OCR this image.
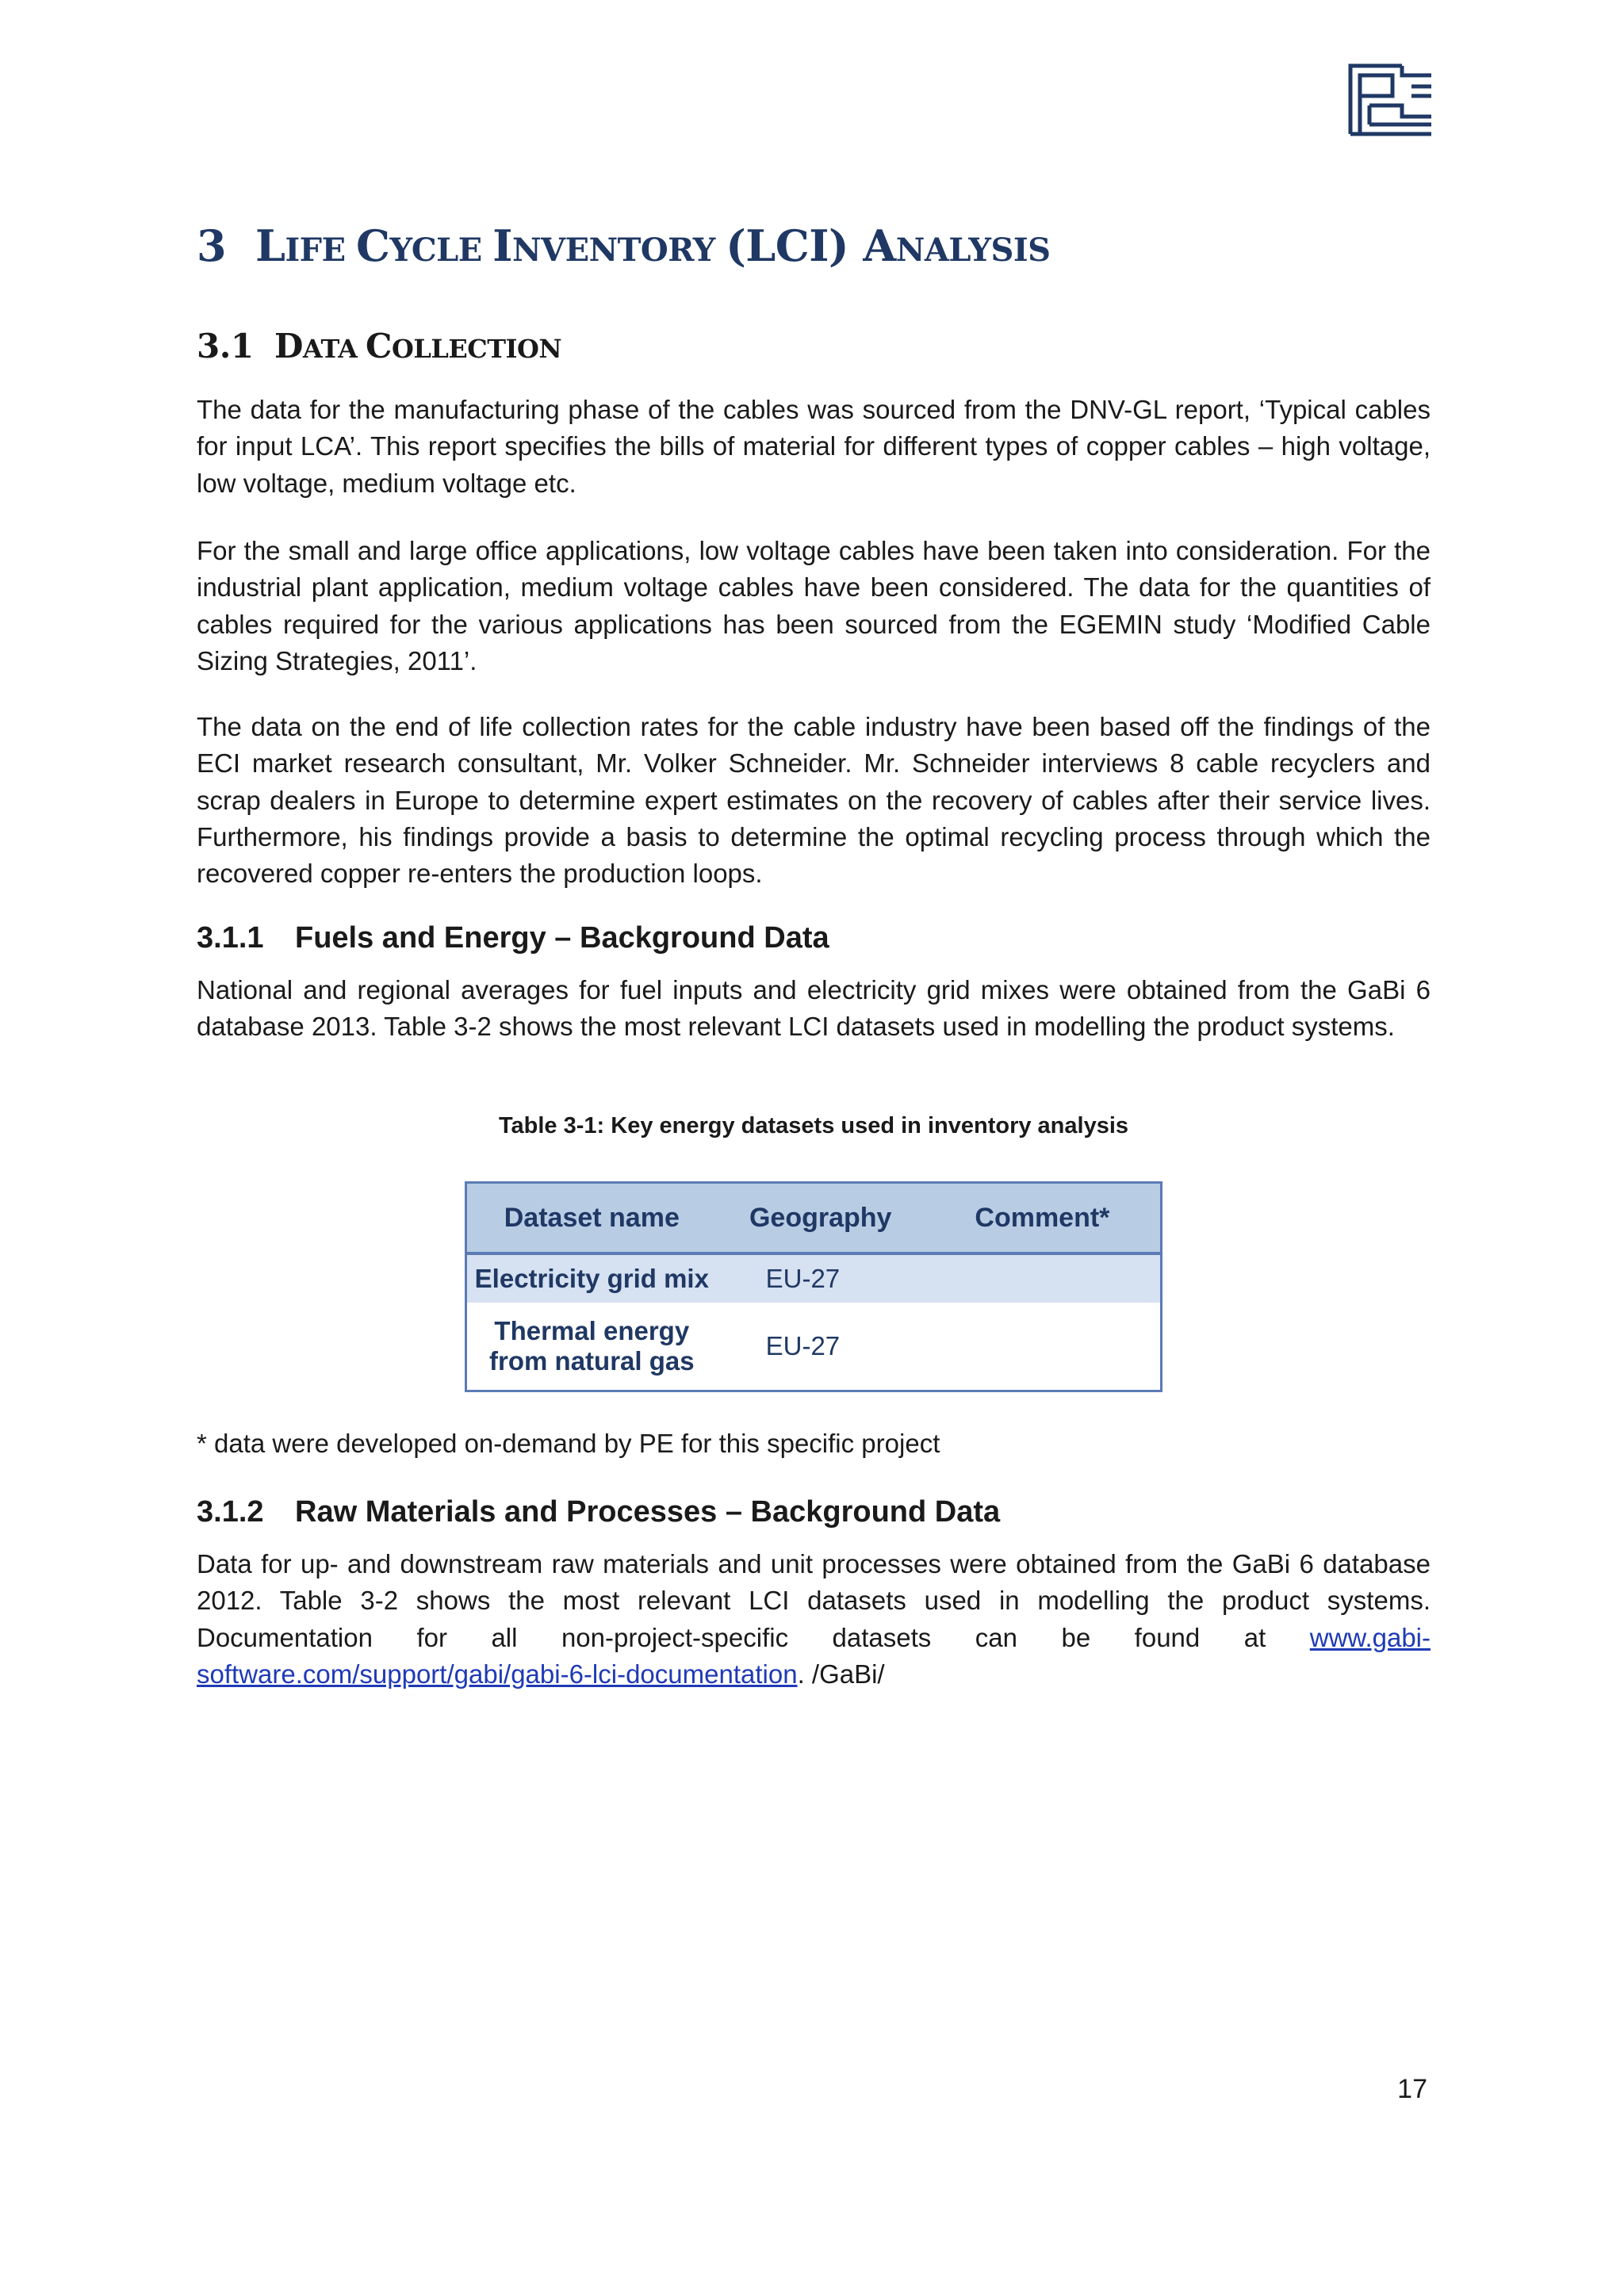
3 LIFE CYCLE INVENTORY (LCI) ANALYSIS
3.1 DATA COLLECTION

The data for the manufacturing phase of the cables was sourced from the DNV-GL report, ‘Typical cables for input LCA’. This report specifies the bills of material for different types of copper cables – high voltage, low voltage, medium voltage etc.

For the small and large office applications, low voltage cables have been taken into consideration. For the industrial plant application, medium voltage cables have been considered. The data for the quantities of cables required for the various applications has been sourced from the EGEMIN study ‘Modified Cable Sizing Strategies, 2011’.

The data on the end of life collection rates for the cable industry have been based off the findings of the ECI market research consultant, Mr. Volker Schneider. Mr. Schneider interviews 8 cable recyclers and scrap dealers in Europe to determine expert estimates on the recovery of cables after their service lives. Furthermore, his findings provide a basis to determine the optimal recycling process through which the recovered copper re-enters the production loops.

3.1.1 Fuels and Energy – Background Data

National and regional averages for fuel inputs and electricity grid mixes were obtained from the GaBi 6 database 2013. Table 3-2 shows the most relevant LCI datasets used in modelling the product systems.

Table 3-1: Key energy datasets used in inventory analysis

Dataset name	Geography	Comment*
Electricity grid mix	EU-27	

Thermal energy
from natural gas	EU-27	

* data were developed on-demand by PE for this specific project

3.1.2 Raw Materials and Processes – Background Data

Data for up- and downstream raw materials and unit processes were obtained from the GaBi 6 database 2012. Table 3-2 shows the most relevant LCI datasets used in modelling the product systems. Documentation for all non-project-specific datasets can be found at www.gabi-software.com/support/gabi/gabi-6-lci-documentation. /GaBi/

17
